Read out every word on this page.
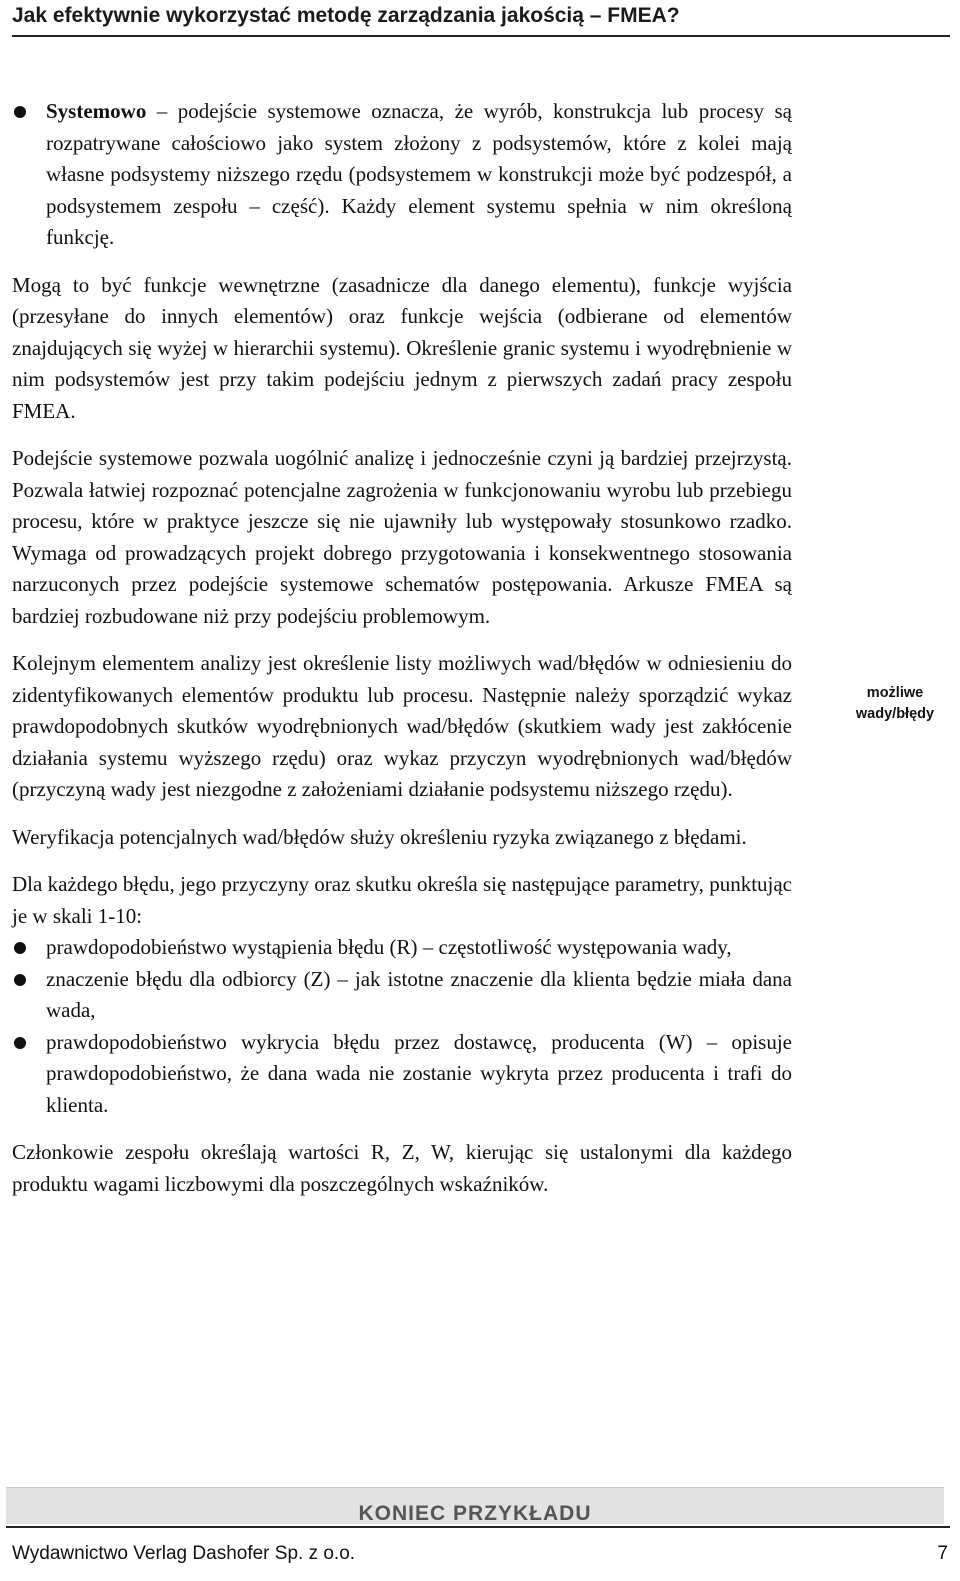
Jak efektywnie wykorzystać metodę zarządzania jakością – FMEA?
Systemowo – podejście systemowe oznacza, że wyrób, konstrukcja lub procesy są rozpatrywane całościowo jako system złożony z podsystemów, które z kolei mają własne podsystemy niższego rzędu (podsystemem w konstrukcji może być podzespół, a podsystemem zespołu – część). Każdy element systemu spełnia w nim określoną funkcję.

Mogą to być funkcje wewnętrzne (zasadnicze dla danego elementu), funkcje wyjścia (przesyłane do innych elementów) oraz funkcje wejścia (odbierane od elementów znajdujących się wyżej w hierarchii systemu). Określenie granic systemu i wyodrębnienie w nim podsystemów jest przy takim podejściu jednym z pierwszych zadań pracy zespołu FMEA.

Podejście systemowe pozwala uogólnić analizę i jednocześnie czyni ją bardziej przejrzystą. Pozwala łatwiej rozpoznać potencjalne zagrożenia w funkcjonowaniu wyrobu lub przebiegu procesu, które w praktyce jeszcze się nie ujawniły lub występowały stosunkowo rzadko. Wymaga od prowadzących projekt dobrego przygotowania i konsekwentnego stosowania narzuconych przez podejście systemowe schematów postępowania. Arkusze FMEA są bardziej rozbudowane niż przy podejściu problemowym.

Kolejnym elementem analizy jest określenie listy możliwych wad/błędów w odniesieniu do zidentyfikowanych elementów produktu lub procesu. Następnie należy sporządzić wykaz prawdopodobnych skutków wyodrębnionych wad/błędów (skutkiem wady jest zakłócenie działania systemu wyższego rzędu) oraz wykaz przyczyn wyodrębnionych wad/błędów (przyczyną wady jest niezgodne z założeniami działanie podsystemu niższego rzędu).

Weryfikacja potencjalnych wad/błędów służy określeniu ryzyka związanego z błędami.

Dla każdego błędu, jego przyczyny oraz skutku określa się następujące parametry, punktując je w skali 1-10:

prawdopodobieństwo wystąpienia błędu (R) – częstotliwość występowania wady,
znaczenie błędu dla odbiorcy (Z) – jak istotne znaczenie dla klienta będzie miała dana wada,
prawdopodobieństwo wykrycia błędu przez dostawcę, producenta (W) – opisuje prawdopodobieństwo, że dana wada nie zostanie wykryta przez producenta i trafi do klienta.

Członkowie zespołu określają wartości R, Z, W, kierując się ustalonymi dla każdego produktu wagami liczbowymi dla poszczególnych wskaźników.

możliwe
wady/błędy
KONIEC PRZYKŁADU
Wydawnictwo Verlag Dashofer Sp. z o.o.	7
